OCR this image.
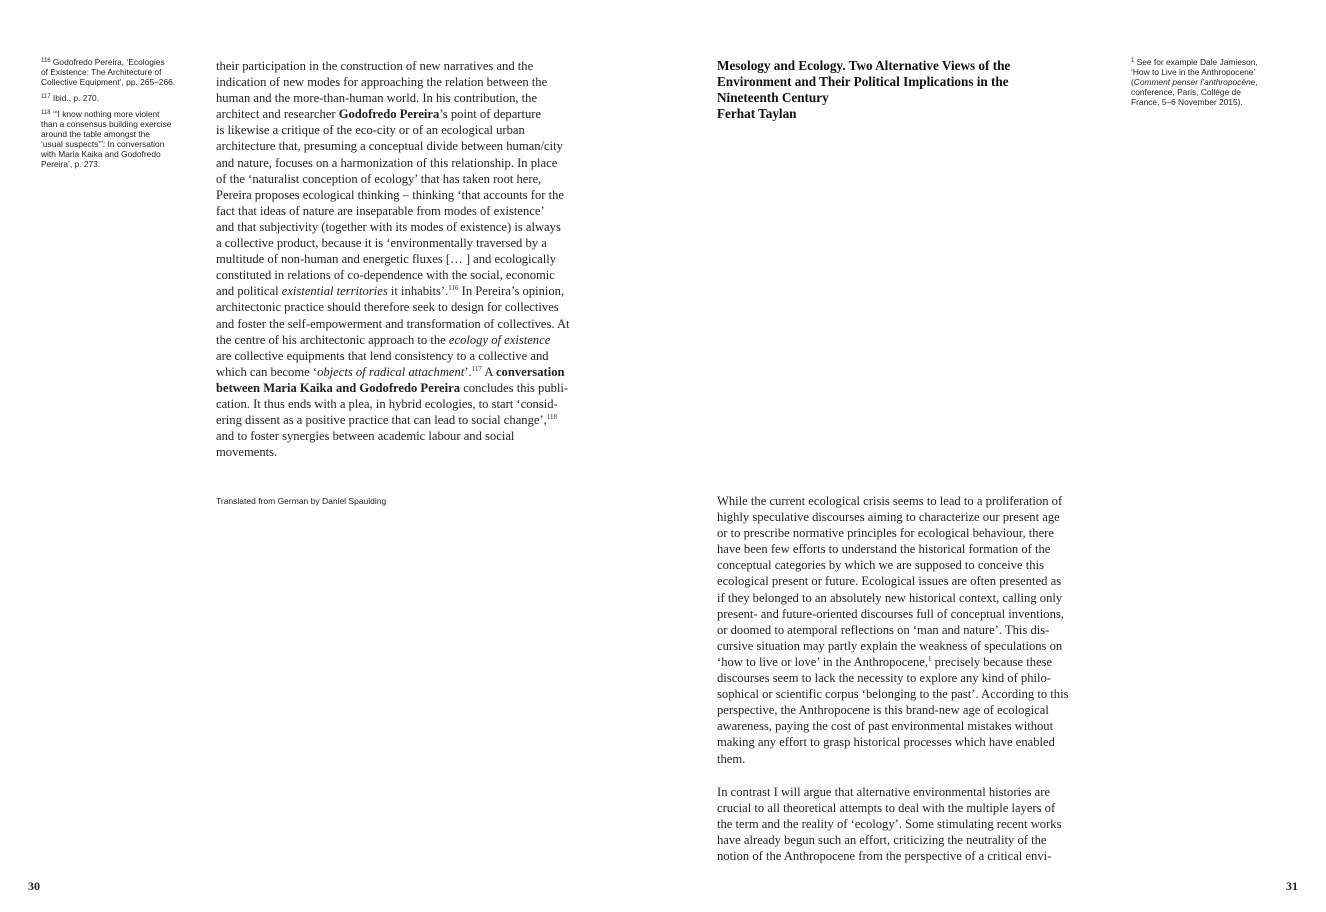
$^{116}$ Godofredo Pereira, ‘Ecologies
of Existence: The Architecture of
Collective Equipment’, pp. 265–266.

$^{117}$ Ibid., p. 270.

$^{118}$ ‘“I know nothing more violent
than a consensus building exercise
around the table amongst the
‘usual suspects’”: In conversation
with Maria Kaika and Godofredo
Pereira’, p. 273.

their participation in the construction of new narratives and the
indication of new modes for approaching the relation between the
human and the more-than-human world. In his contribution, the
architect and researcher Godofredo Pereira’s point of departure
is likewise a critique of the eco-city or of an ecological urban
architecture that, presuming a conceptual divide between human/city
and nature, focuses on a harmonization of this relationship. In place
of the ‘naturalist conception of ecology’ that has taken root here,
Pereira proposes ecological thinking – thinking ‘that accounts for the
fact that ideas of nature are inseparable from modes of existence’
and that subjectivity (together with its modes of existence) is always
a collective product, because it is ‘environmentally traversed by a
multitude of non-human and energetic fluxes [… ] and ecologically
constituted in relations of co-dependence with the social, economic
and political existential territories it inhabits’.$^{116}$ In Pereira’s opinion,
architectonic practice should therefore seek to design for collectives
and foster the self-empowerment and transformation of collectives. At
the centre of his architectonic approach to the ecology of existence
are collective equipments that lend consistency to a collective and
which can become ‘objects of radical attachment’.$^{117}$ A conversation
between Maria Kaika and Godofredo Pereira concludes this publi-
cation. It thus ends with a plea, in hybrid ecologies, to start ‘consid-
ering dissent as a positive practice that can lead to social change’,$^{118}$
and to foster synergies between academic labour and social
movements.
Translated from German by Daniel Spaulding
30
Mesology and Ecology. Two Alternative Views of the
Environment and Their Political Implications in the
Nineteenth Century
Ferhat Taylan
$^1$ See for example Dale Jamieson,
‘How to Live in the Anthropocene’
(Comment penser l’anthropocène,
conference, Paris, Collège de
France, 5–6 November 2015).
While the current ecological crisis seems to lead to a proliferation of
highly speculative discourses aiming to characterize our present age
or to prescribe normative principles for ecological behaviour, there
have been few efforts to understand the historical formation of the
conceptual categories by which we are supposed to conceive this
ecological present or future. Ecological issues are often presented as
if they belonged to an absolutely new historical context, calling only
present- and future-oriented discourses full of conceptual inventions,
or doomed to atemporal reflections on ‘man and nature’. This dis-
cursive situation may partly explain the weakness of speculations on
‘how to live or love’ in the Anthropocene,$^1$ precisely because these
discourses seem to lack the necessity to explore any kind of philo-
sophical or scientific corpus ‘belonging to the past’. According to this
perspective, the Anthropocene is this brand-new age of ecological
awareness, paying the cost of past environmental mistakes without
making any effort to grasp historical processes which have enabled
them.
In contrast I will argue that alternative environmental histories are
crucial to all theoretical attempts to deal with the multiple layers of
the term and the reality of ‘ecology’. Some stimulating recent works
have already begun such an effort, criticizing the neutrality of the
notion of the Anthropocene from the perspective of a critical envi-
31
